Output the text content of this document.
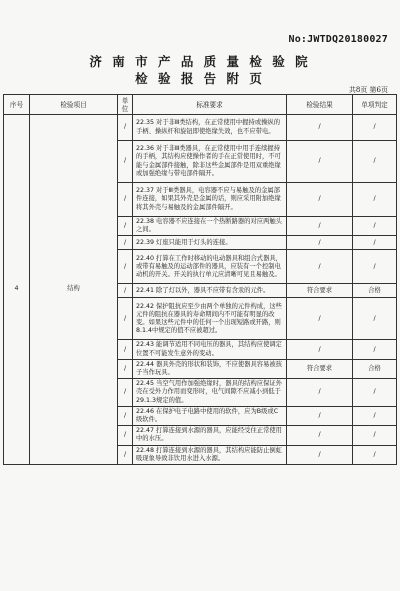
No:JWTDQ20180027
济 南 市 产 品 质 量 检 验 院
检 验 报 告 附 页
共8页 第6页
序号	检验项目	单位	标准要求	检验结果	单项判定
4	结构	/	22.35 对于非Ⅲ类结构，在正常使用中握持或操纵的手柄、操纵杆和旋钮即使绝缘失效，也不应带电。	/	/
		/	22.36 对于非Ⅲ类器具，在正常使用中用手连续握持的手柄，其结构应使操作者的手在正常使用时，不可能与金属部件接触，除非这些金属部件是用双重绝缘或加强绝缘与带电部件隔开。	/	/
		/	22.37 对于Ⅲ类器具，电容器不应与易触及的金属部件连接，如果其外壳是金属的话，则应采用附加绝缘将其外壳与易触及的金属部件隔开。	/	/
		/	22.38 电容器不应连接在一个热断路器的对应两触头之间。	/	/
		/	22.39 灯座只能用于灯头的连接。	/	/
		/	22.40 打算在工作时移动的电动器具和组合式器具，或带有易触及的运动部件的器具，应装有一个控制电动机的开关。开关的执行单元应清晰可见且易触及。	/	/
		/	22.41 除了灯以外，器具不应带有含汞的元件。	符合要求	合格
		/	22.42 保护阻抗应至少由两个单独的元件构成，这些元件的阻抗在器具的寿命期间内不可能有明显的改变。如果这些元件中的任何一个出现短路或开路，则8.1.4中规定的值不应被超过。	/	/
		/	22.43 能调节适用不同电压的器具，其结构应使调定位置不可能发生意外的变动。	/	/
		/	22.44 器具外壳的形状和装饰，不应使器具容易被孩子当作玩具。	符合要求	合格
		/	22.45 当空气用作加强绝缘时，器具的结构应保证外壳在受外力作用而变形时，电气间隙不应减小到低于29.1.3规定的值。	/	/
		/	22.46 在保护电子电路中使用的软件，应为B级或C级软件。	/	/
		/	22.47 打算连接到水源的器具，应能经受住正常使用中的水压。	/	/
		/	22.48 打算连接到水源的器具，其结构应能防止倒虹吸现象导致非饮用水进入水源。	/	/
